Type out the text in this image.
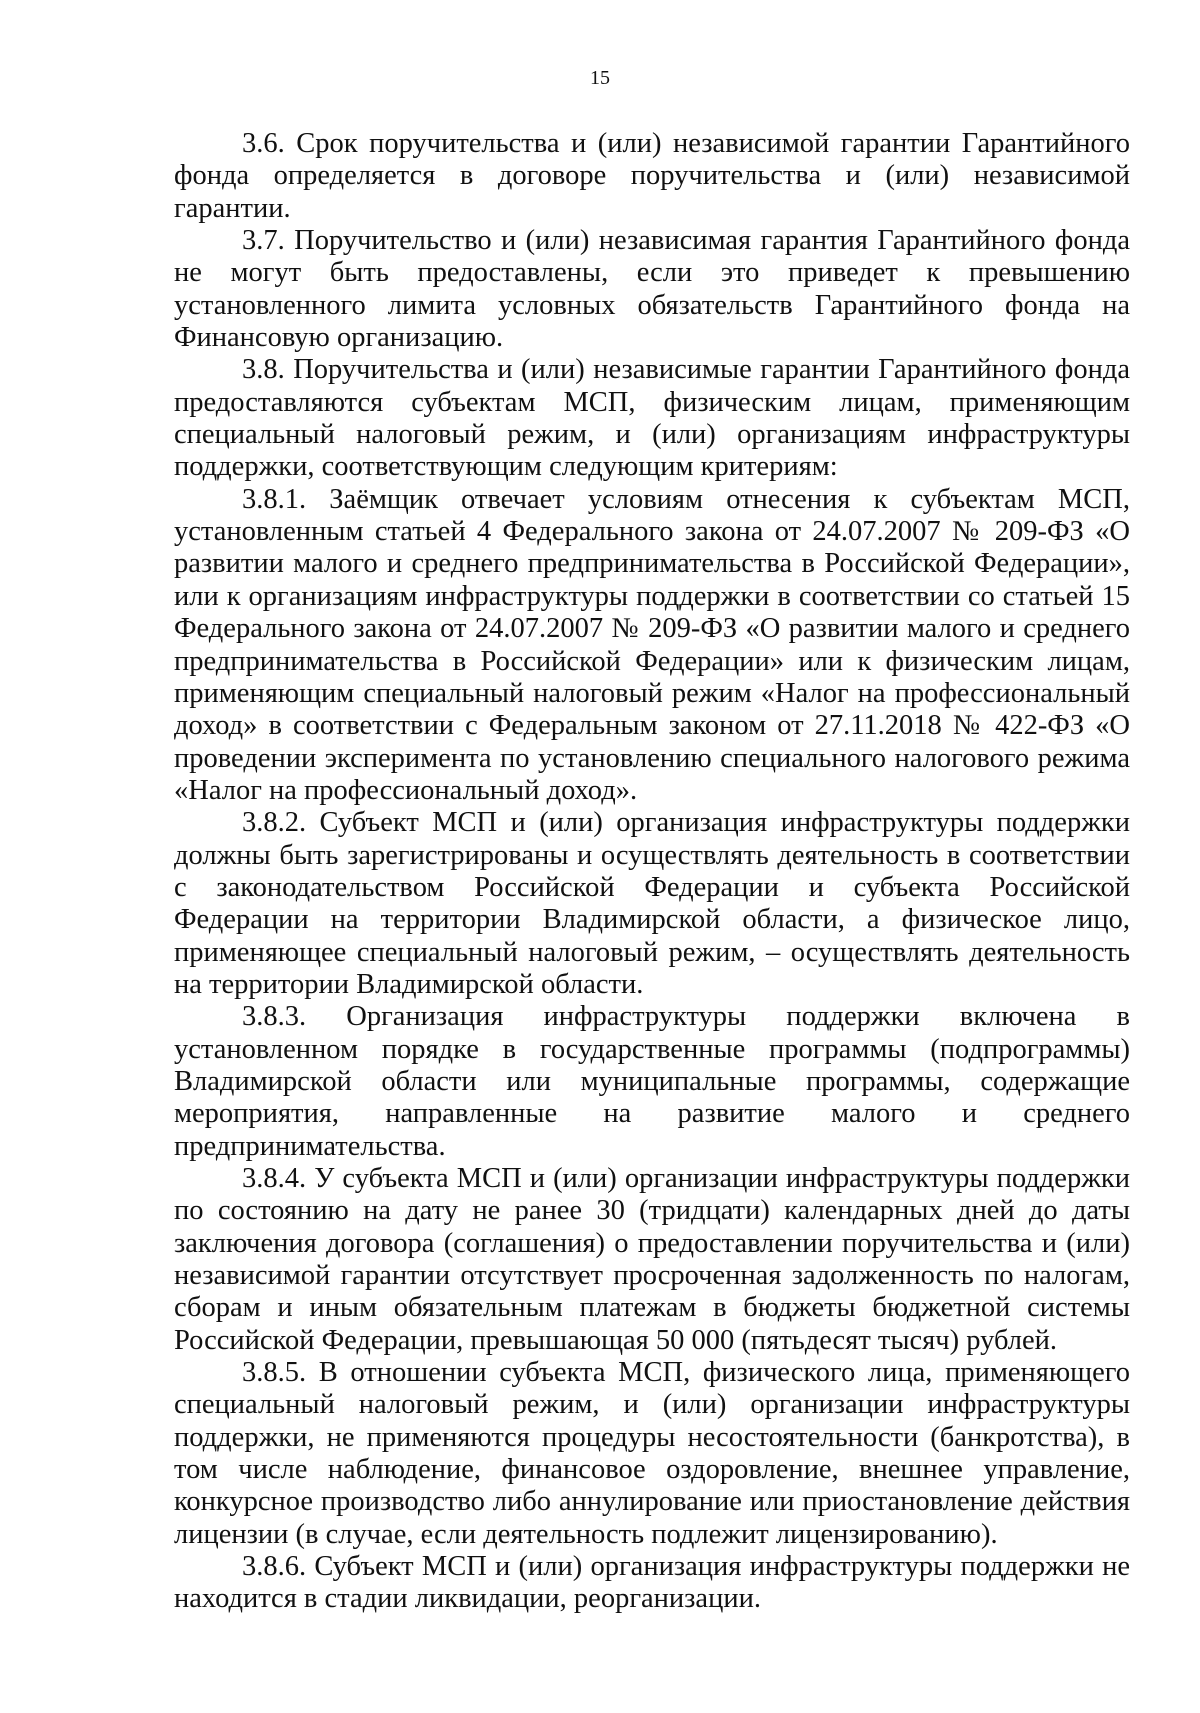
15

3.6. Срок поручительства и (или) независимой гарантии Гарантийного фонда определяется в договоре поручительства и (или) независимой гарантии.

3.7. Поручительство и (или) независимая гарантия Гарантийного фонда не могут быть предоставлены, если это приведет к превышению установленного лимита условных обязательств Гарантийного фонда на Финансовую организацию.

3.8. Поручительства и (или) независимые гарантии Гарантийного фонда предоставляются субъектам МСП, физическим лицам, применяющим специальный налоговый режим, и (или) организациям инфраструктуры поддержки, соответствующим следующим критериям:

3.8.1. Заёмщик отвечает условиям отнесения к субъектам МСП, установленным статьей 4 Федерального закона от 24.07.2007 № 209-ФЗ «О развитии малого и среднего предпринимательства в Российской Федерации», или к организациям инфраструктуры поддержки в соответствии со статьей 15 Федерального закона от 24.07.2007 № 209-ФЗ «О развитии малого и среднего предпринимательства в Российской Федерации» или к физическим лицам, применяющим специальный налоговый режим «Налог на профессиональный доход» в соответствии с Федеральным законом от 27.11.2018 № 422-ФЗ «О проведении эксперимента по установлению специального налогового режима «Налог на профессиональный доход».

3.8.2. Субъект МСП и (или) организация инфраструктуры поддержки должны быть зарегистрированы и осуществлять деятельность в соответствии с законодательством Российской Федерации и субъекта Российской Федерации на территории Владимирской области, а физическое лицо, применяющее специальный налоговый режим, – осуществлять деятельность на территории Владимирской области.

3.8.3. Организация инфраструктуры поддержки включена в установленном порядке в государственные программы (подпрограммы) Владимирской области или муниципальные программы, содержащие мероприятия, направленные на развитие малого и среднего предпринимательства.

3.8.4. У субъекта МСП и (или) организации инфраструктуры поддержки по состоянию на дату не ранее 30 (тридцати) календарных дней до даты заключения договора (соглашения) о предоставлении поручительства и (или) независимой гарантии отсутствует просроченная задолженность по налогам, сборам и иным обязательным платежам в бюджеты бюджетной системы Российской Федерации, превышающая 50 000 (пятьдесят тысяч) рублей.

3.8.5. В отношении субъекта МСП, физического лица, применяющего специальный налоговый режим, и (или) организации инфраструктуры поддержки, не применяются процедуры несостоятельности (банкротства), в том числе наблюдение, финансовое оздоровление, внешнее управление, конкурсное производство либо аннулирование или приостановление действия лицензии (в случае, если деятельность подлежит лицензированию).

3.8.6. Субъект МСП и (или) организация инфраструктуры поддержки не находится в стадии ликвидации, реорганизации.
